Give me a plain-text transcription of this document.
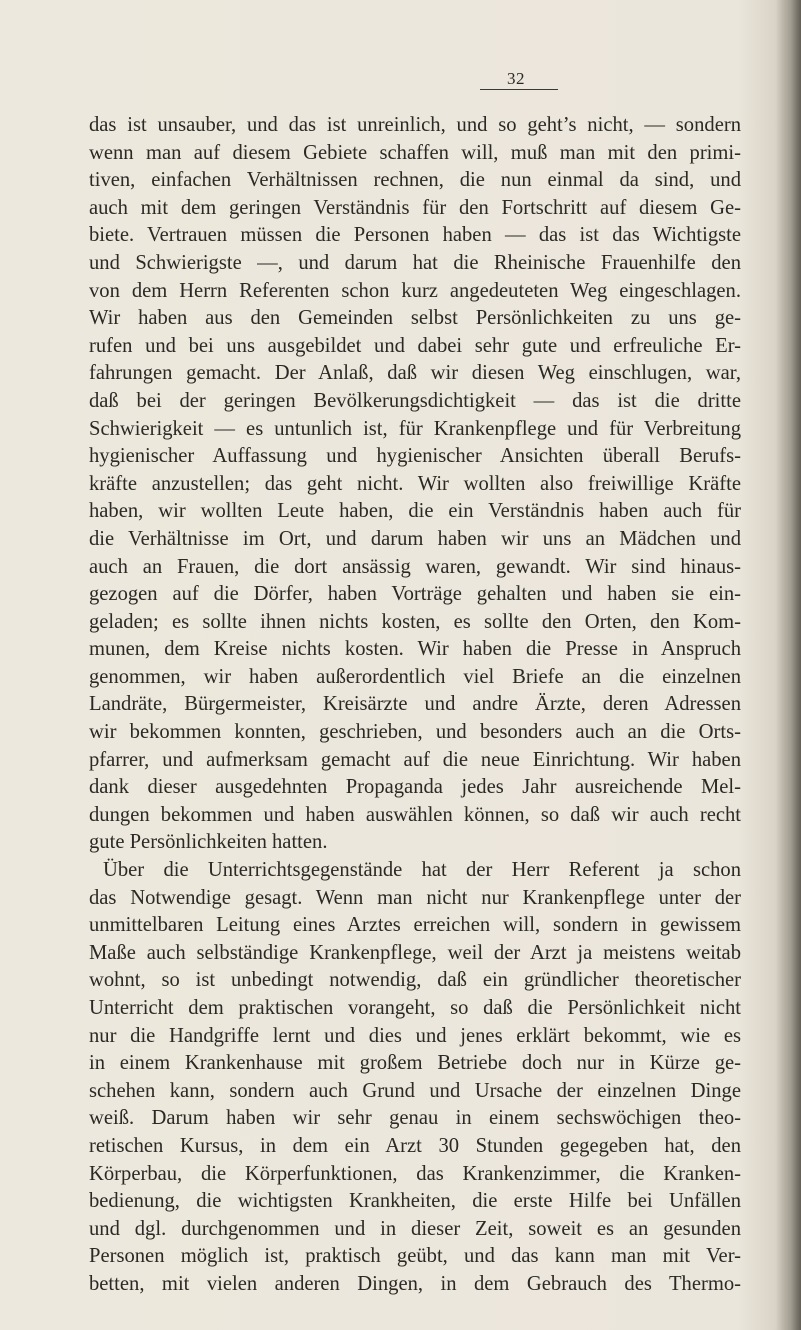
32
das ist unsauber, und das ist unreinlich, und so geht’s nicht, — sondern
wenn man auf diesem Gebiete schaffen will, muß man mit den primi-
tiven, einfachen Verhältnissen rechnen, die nun einmal da sind, und
auch mit dem geringen Verständnis für den Fortschritt auf diesem Ge-
biete. Vertrauen müssen die Personen haben — das ist das Wichtigste
und Schwierigste —, und darum hat die Rheinische Frauenhilfe den
von dem Herrn Referenten schon kurz angedeuteten Weg eingeschlagen.
Wir haben aus den Gemeinden selbst Persönlichkeiten zu uns ge-
rufen und bei uns ausgebildet und dabei sehr gute und erfreuliche Er-
fahrungen gemacht. Der Anlaß, daß wir diesen Weg einschlugen, war,
daß bei der geringen Bevölkerungsdichtigkeit — das ist die dritte
Schwierigkeit — es untunlich ist, für Krankenpflege und für Verbreitung
hygienischer Auffassung und hygienischer Ansichten überall Berufs-
kräfte anzustellen; das geht nicht. Wir wollten also freiwillige Kräfte
haben, wir wollten Leute haben, die ein Verständnis haben auch für
die Verhältnisse im Ort, und darum haben wir uns an Mädchen und
auch an Frauen, die dort ansässig waren, gewandt. Wir sind hinaus-
gezogen auf die Dörfer, haben Vorträge gehalten und haben sie ein-
geladen; es sollte ihnen nichts kosten, es sollte den Orten, den Kom-
munen, dem Kreise nichts kosten. Wir haben die Presse in Anspruch
genommen, wir haben außerordentlich viel Briefe an die einzelnen
Landräte, Bürgermeister, Kreisärzte und andre Ärzte, deren Adressen
wir bekommen konnten, geschrieben, und besonders auch an die Orts-
pfarrer, und aufmerksam gemacht auf die neue Einrichtung. Wir haben
dank dieser ausgedehnten Propaganda jedes Jahr ausreichende Mel-
dungen bekommen und haben auswählen können, so daß wir auch recht
gute Persönlichkeiten hatten.
Über die Unterrichtsgegenstände hat der Herr Referent ja schon
das Notwendige gesagt. Wenn man nicht nur Krankenpflege unter der
unmittelbaren Leitung eines Arztes erreichen will, sondern in gewissem
Maße auch selbständige Krankenpflege, weil der Arzt ja meistens weitab
wohnt, so ist unbedingt notwendig, daß ein gründlicher theoretischer
Unterricht dem praktischen vorangeht, so daß die Persönlichkeit nicht
nur die Handgriffe lernt und dies und jenes erklärt bekommt, wie es
in einem Krankenhause mit großem Betriebe doch nur in Kürze ge-
schehen kann, sondern auch Grund und Ursache der einzelnen Dinge
weiß. Darum haben wir sehr genau in einem sechswöchigen theo-
retischen Kursus, in dem ein Arzt 30 Stunden gegegeben hat, den
Körperbau, die Körperfunktionen, das Krankenzimmer, die Kranken-
bedienung, die wichtigsten Krankheiten, die erste Hilfe bei Unfällen
und dgl. durchgenommen und in dieser Zeit, soweit es an gesunden
Personen möglich ist, praktisch geübt, und das kann man mit Ver-
betten, mit vielen anderen Dingen, in dem Gebrauch des Thermo-
